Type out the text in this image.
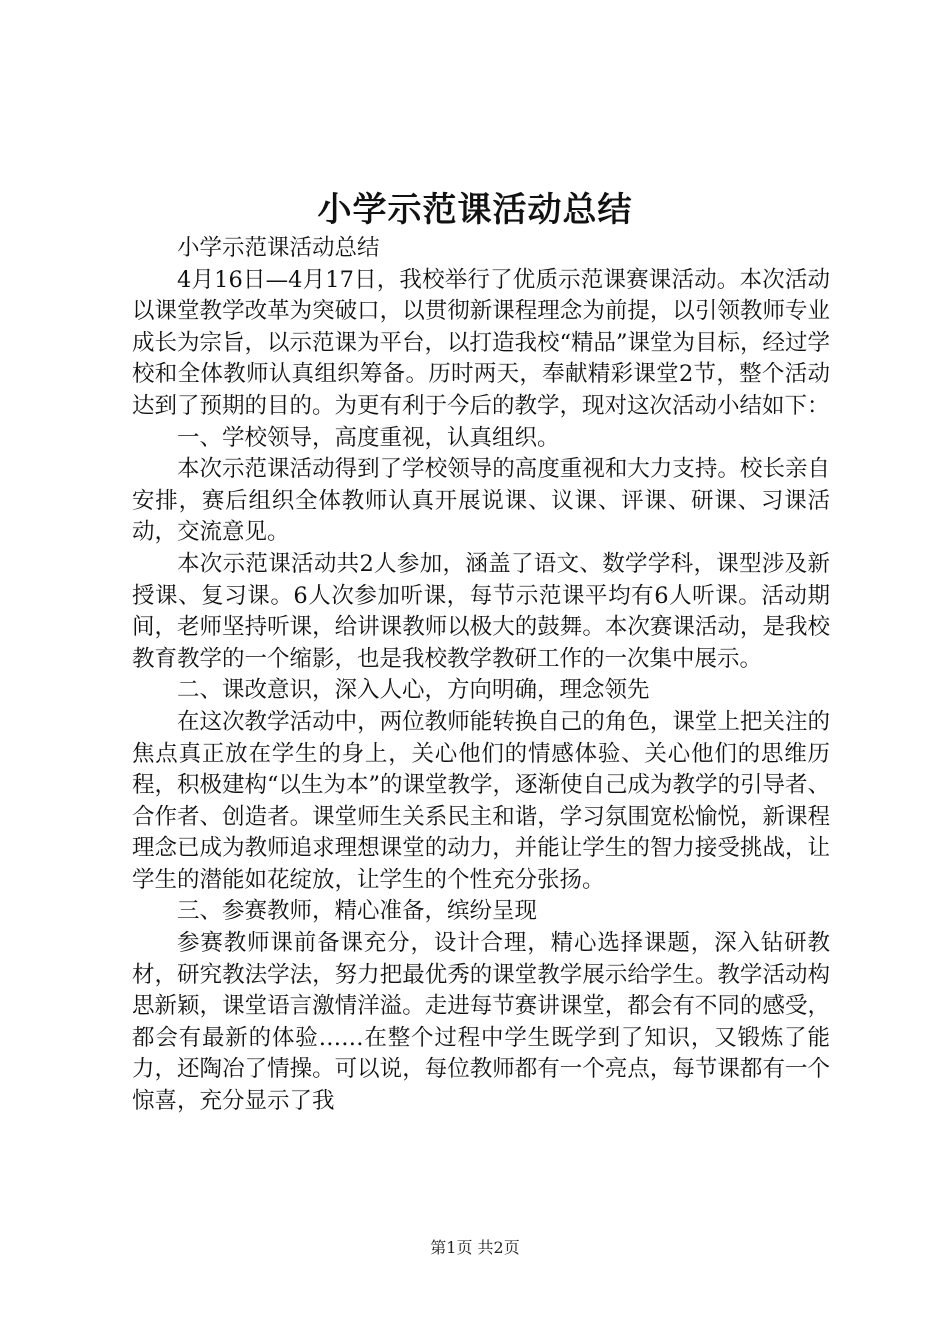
小学示范课活动总结

小学示范课活动总结

4月16日—4月17日，我校举行了优质示范课赛课活动。本次活动以课堂教学改革为突破口，以贯彻新课程理念为前提，以引领教师专业成长为宗旨，以示范课为平台，以打造我校“精品”课堂为目标，经过学校和全体教师认真组织筹备。历时两天，奉献精彩课堂2节，整个活动达到了预期的目的。为更有利于今后的教学，现对这次活动小结如下：

一、学校领导，高度重视，认真组织。

本次示范课活动得到了学校领导的高度重视和大力支持。校长亲自安排，赛后组织全体教师认真开展说课、议课、评课、研课、习课活动，交流意见。

本次示范课活动共2人参加，涵盖了语文、数学学科，课型涉及新授课、复习课。6人次参加听课，每节示范课平均有6人听课。活动期间，老师坚持听课，给讲课教师以极大的鼓舞。本次赛课活动，是我校教育教学的一个缩影，也是我校教学教研工作的一次集中展示。

二、课改意识，深入人心，方向明确，理念领先

在这次教学活动中，两位教师能转换自己的角色，课堂上把关注的焦点真正放在学生的身上，关心他们的情感体验、关心他们的思维历程，积极建构“以生为本”的课堂教学，逐渐使自己成为教学的引导者、合作者、创造者。课堂师生关系民主和谐，学习氛围宽松愉悦，新课程理念已成为教师追求理想课堂的动力，并能让学生的智力接受挑战，让学生的潜能如花绽放，让学生的个性充分张扬。

三、参赛教师，精心准备，缤纷呈现

参赛教师课前备课充分，设计合理，精心选择课题，深入钻研教材，研究教法学法，努力把最优秀的课堂教学展示给学生。教学活动构思新颖，课堂语言激情洋溢。走进每节赛讲课堂，都会有不同的感受，都会有最新的体验……在整个过程中学生既学到了知识，又锻炼了能力，还陶冶了情操。可以说，每位教师都有一个亮点，每节课都有一个惊喜，充分显示了我

第1页 共2页
